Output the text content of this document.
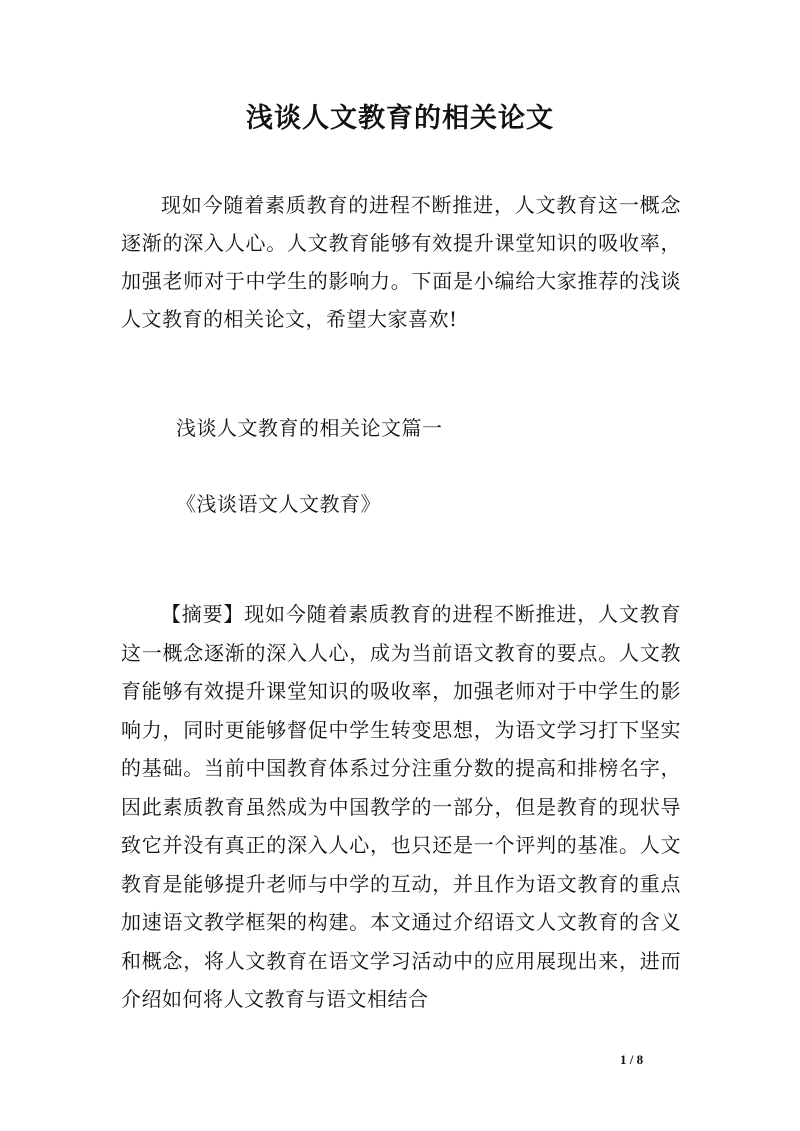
浅谈人文教育的相关论文

现如今随着素质教育的进程不断推进，人文教育这一概念逐渐的深入人心。人文教育能够有效提升课堂知识的吸收率，加强老师对于中学生的影响力。下面是小编给大家推荐的浅谈人文教育的相关论文，希望大家喜欢!

浅谈人文教育的相关论文篇一

《浅谈语文人文教育》

【摘要】现如今随着素质教育的进程不断推进，人文教育这一概念逐渐的深入人心，成为当前语文教育的要点。人文教育能够有效提升课堂知识的吸收率，加强老师对于中学生的影响力，同时更能够督促中学生转变思想，为语文学习打下坚实的基础。当前中国教育体系过分注重分数的提高和排榜名字，因此素质教育虽然成为中国教学的一部分，但是教育的现状导致它并没有真正的深入人心，也只还是一个评判的基准。人文教育是能够提升老师与中学的互动，并且作为语文教育的重点加速语文教学框架的构建。本文通过介绍语文人文教育的含义和概念，将人文教育在语文学习活动中的应用展现出来，进而介绍如何将人文教育与语文相结合

1 / 8
